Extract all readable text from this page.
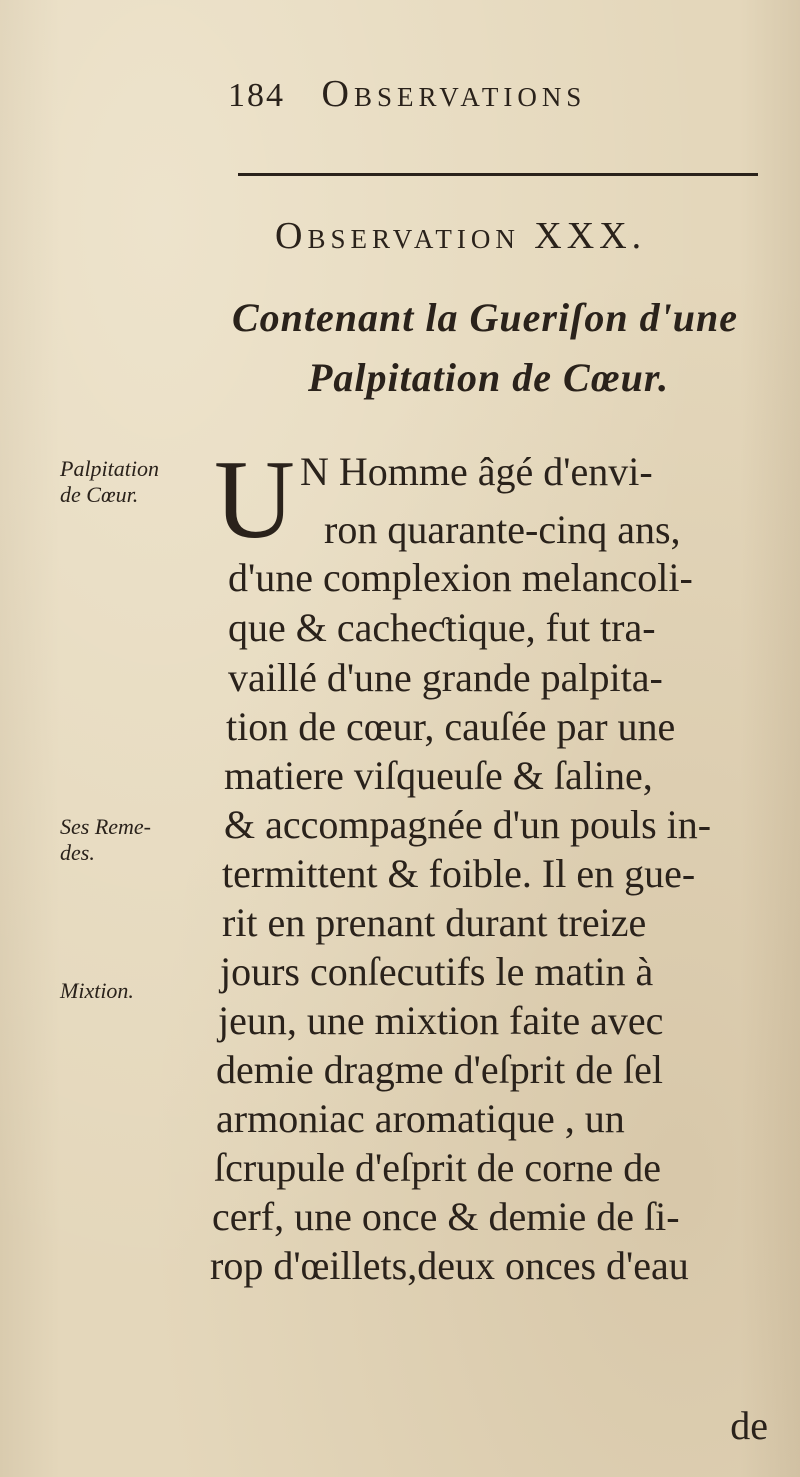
184 Observations
Observation XXX.
Contenant la Gueriſon d'une
Palpitation de Cœur.
Palpitation
de Cœur.
Ses Reme-
des.
Mixtion.
U N Homme âgé d'envi-
ron quarante-cinq ans,
d'une complexion melancoli-
que & cacheƈtique, fut tra-
vaillé d'une grande palpita-
tion de cœur, cauſée par une
matiere viſqueuſe & ſaline,
& accompagnée d'un pouls in-
termittent & foible. Il en gue-
rit en prenant durant treize
jours conſecutifs le matin à
jeun, une mixtion faite avec
demie dragme d'eſprit de ſel
armoniac aromatique , un
ſcrupule d'eſprit de corne de
cerf, une once & demie de ſi-
rop d'œillets,deux onces d'eau
de
